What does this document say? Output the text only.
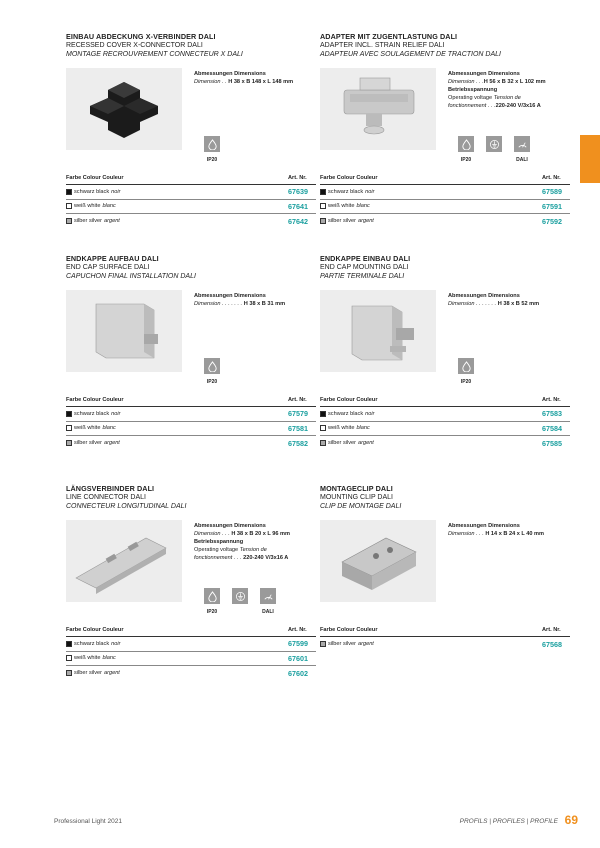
EINBAU ABDECKUNG X-VERBINDER DALI
RECESSED COVER X-CONNECTOR DALI
MONTAGE RECROUVREMENT CONNECTEUR X DALI
Abmessungen Dimensions
Dimension . . H 38 x B 148 x L 148 mm
IP20
Farbe Colour Couleur	Art. Nr.
schwarz
black noir	67639
weiß
white blanc	67641
silber
silver argent	67642
ADAPTER MIT ZUGENTLASTUNG DALI
ADAPTER INCL. STRAIN RELIEF DALI
ADAPTEUR AVEC SOULAGEMENT DE TRACTION DALI
Abmessungen Dimensions
Dimension . . .H 56 x B 32 x L 102 mm
Betriebsspannung
Operating voltage Tension de
fonctionnement . . .220-240 V/3x16 A
IP20	DALI
Farbe Colour Couleur	Art. Nr.
schwarz
black noir	67589
weiß
white blanc	67591
silber
silver argent	67592
ENDKAPPE AUFBAU DALI
END CAP SURFACE DALI
CAPUCHON FINAL INSTALLATION DALI
Abmessungen Dimensions
Dimension . . . . . . . H 38 x B 31 mm
IP20
Farbe Colour Couleur	Art. Nr.
schwarz
black noir	67579
weiß
white blanc	67581
silber
silver argent	67582
ENDKAPPE EINBAU DALI
END CAP MOUNTING DALI
PARTIE TERMINALE DALI
Abmessungen Dimensions
Dimension . . . . . . . H 38 x B 52 mm
IP20
Farbe Colour Couleur	Art. Nr.
schwarz
black noir	67583
weiß
white blanc	67584
silber
silver argent	67585
LÄNGSVERBINDER DALI
LINE CONNECTOR DALI
CONNECTEUR LONGITUDINAL DALI
Abmessungen Dimensions
Dimension . . . H 38 x B 20 x L 96 mm
Betriebsspannung
Operating voltage Tension de
fonctionnement . . . 220-240 V/3x16 A
IP20	DALI
Farbe Colour Couleur	Art. Nr.
schwarz
black noir	67599
weiß
white blanc	67601
silber
silver argent	67602
MONTAGECLIP DALI
MOUNTING CLIP DALI
CLIP DE MONTAGE DALI
Abmessungen Dimensions
Dimension . . . H 14 x B 24 x L 40 mm
Farbe Colour Couleur	Art. Nr.
silber
silver argent	67568
Professional Light 2021	PROFILS | PROFILES | PROFILE 69
